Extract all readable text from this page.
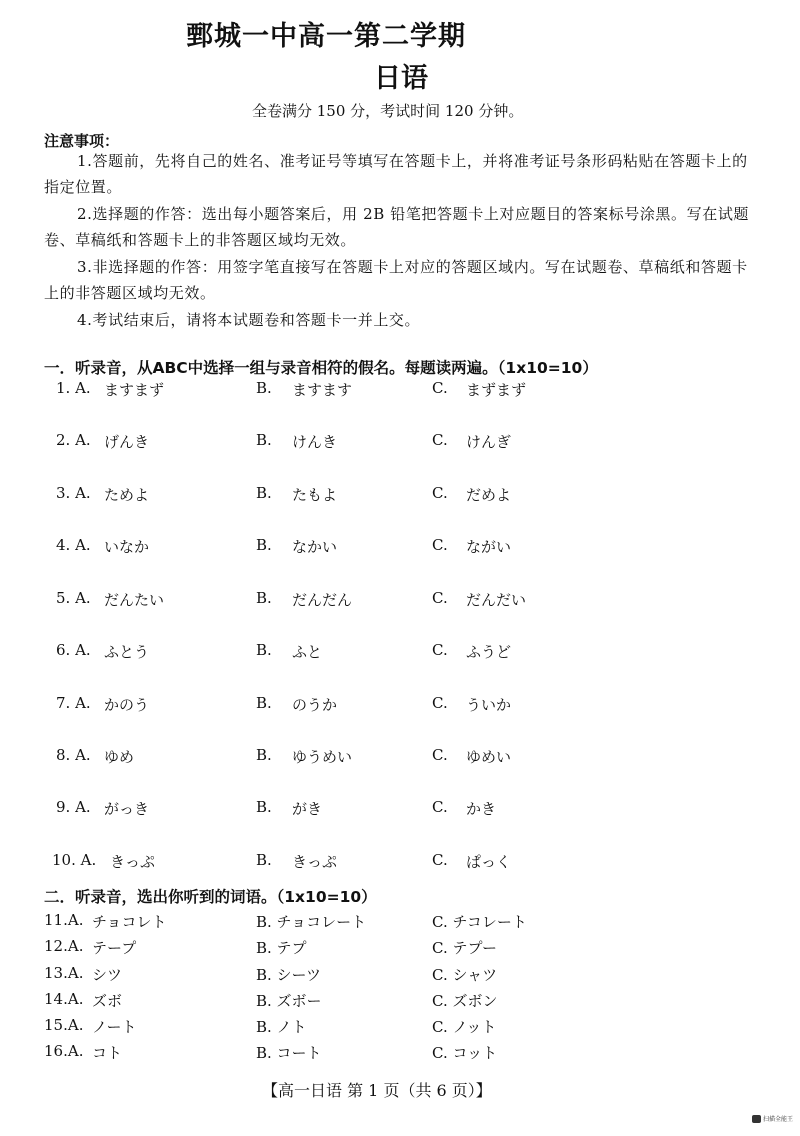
鄄城一中高一第二学期
日语
全卷满分 150 分，考试时间 120 分钟。
注意事项：
1.答题前，先将自己的姓名、准考证号等填写在答题卡上，并将准考证号条形码粘贴在答题卡上的指定位置。
2.选择题的作答：选出每小题答案后，用 2B 铅笔把答题卡上对应题目的答案标号涂黑。写在试题卷、草稿纸和答题卡上的非答题区域均无效。
3.非选择题的作答：用签字笔直接写在答题卡上对应的答题区域内。写在试题卷、草稿纸和答题卡上的非答题区域均无效。
4.考试结束后，请将本试题卷和答题卡一并上交。
一．听录音，从ABC中选择一组与录音相符的假名。每题读两遍。（1x10=10）
1. A. ますまず	B. ますます	C. まずまず
2. A. げんき	B. けんき	C. けんぎ
3. A. ためよ	B. たもよ	C. だめよ
4. A. いなか	B. なかい	C. ながい
5. A. だんたい	B. だんだん	C. だんだい
6. A. ふとう	B. ふと	C. ふうど
7. A. かのう	B. のうか	C. ういか
8. A. ゆめ	B. ゆうめい	C. ゆめい
9. A. がっき	B. がき	C. かき
10. A. きっぷ	B. きっぷ	C. ぱっく
二．听录音，选出你听到的词语。（1x10=10）
11.A. チョコレト	B. チョコレート	C. チコレート
12.A. テープ	B. テプ	C. テプー
13.A. シツ	B. シーツ	C. シャツ
14.A. ズボ	B. ズボー	C. ズボン
15.A. ノート	B. ノト	C. ノット
16.A. コト	B. コート	C. コット
【高一日语 第 1 页（共 6 页）】
扫描全能王
